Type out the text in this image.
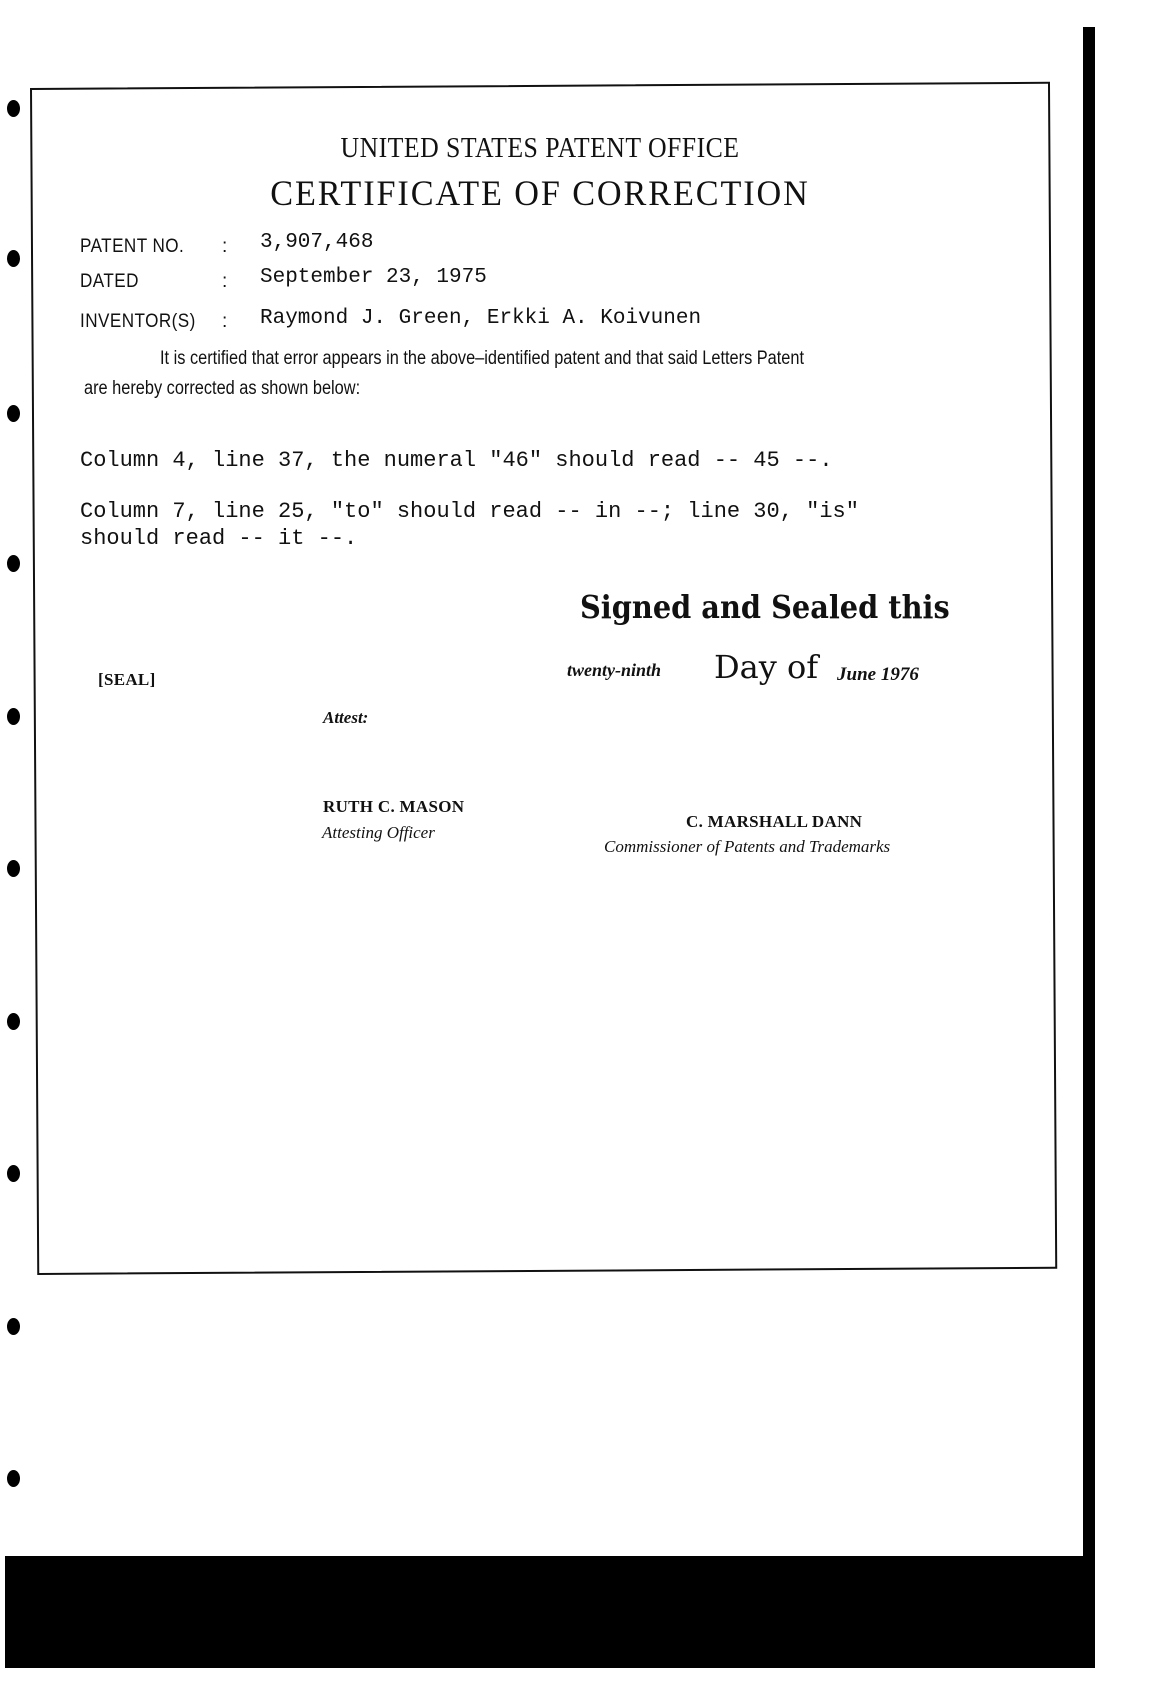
UNITED STATES PATENT OFFICE
CERTIFICATE OF CORRECTION
PATENT NO. : 3,907,468
DATED	: September 23, 1975
INVENTOR(S) : Raymond J. Green, Erkki A. Koivunen
It is certified that error appears in the above–identified patent and that said Letters Patent
are hereby corrected as shown below:
Column 4, line 37, the numeral "46" should read -- 45 --.
Column 7, line 25, "to" should read -- in --; line 30, "is"
should read -- it --.
Signed and Sealed this
twenty-ninth Day of June 1976
[SEAL]
Attest:
RUTH C. MASON
Attesting Officer
C. MARSHALL DANN
Commissioner of Patents and Trademarks
